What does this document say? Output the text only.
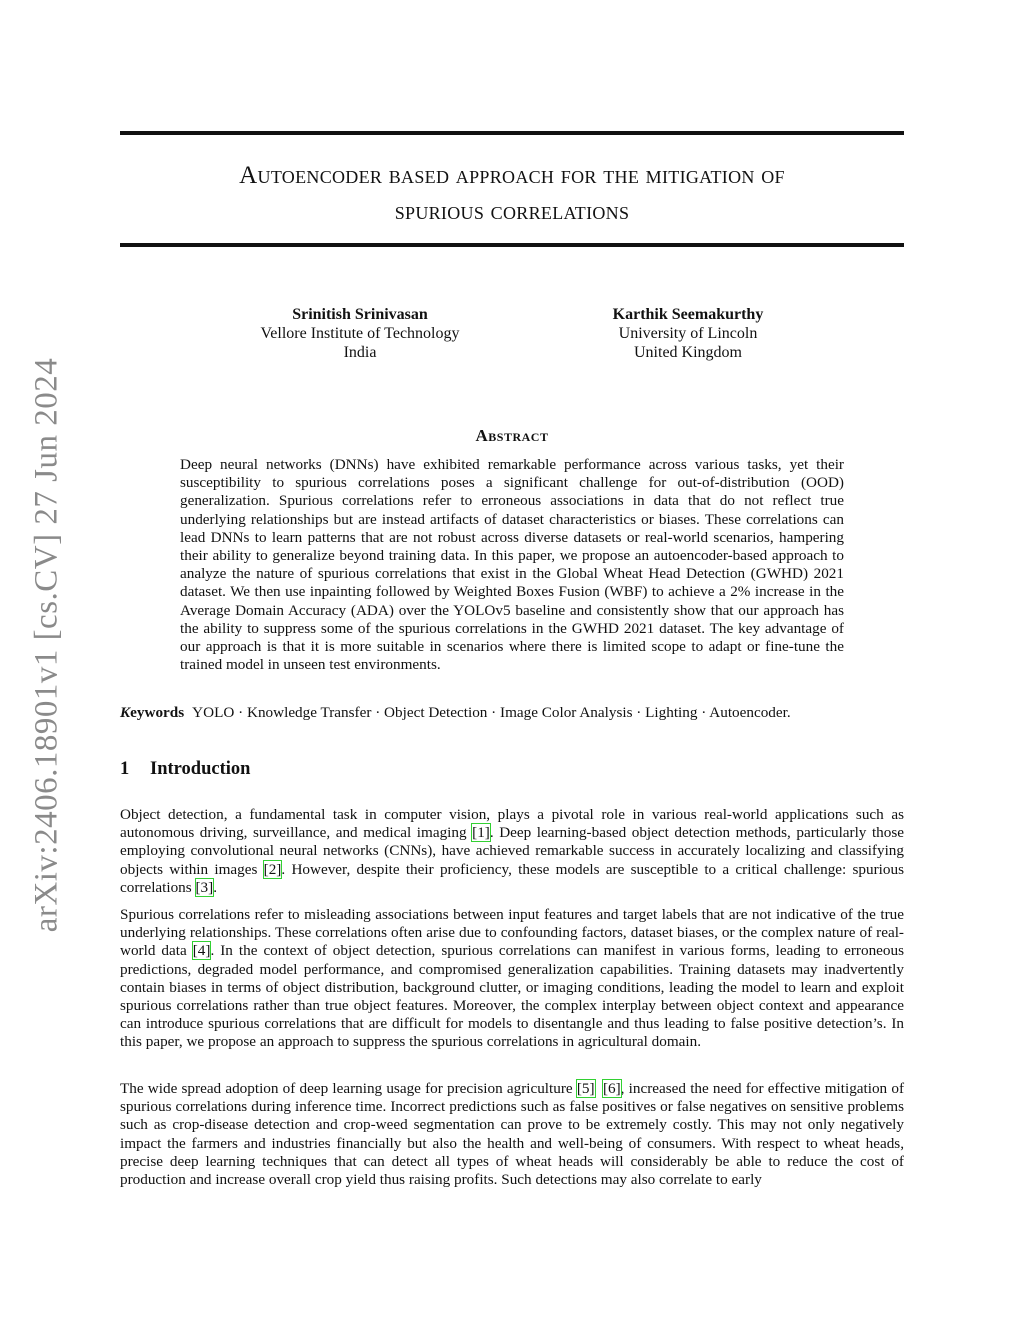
arXiv:2406.18901v1 [cs.CV] 27 Jun 2024
Autoencoder based approach for the mitigation of
spurious correlations
Srinitish Srinivasan
Vellore Institute of Technology
India
Karthik Seemakurthy
University of Lincoln
United Kingdom
Abstract

Deep neural networks (DNNs) have exhibited remarkable performance across various tasks, yet their susceptibility to spurious correlations poses a significant challenge for out-of-distribution (OOD) generalization. Spurious correlations refer to erroneous associations in data that do not reflect true underlying relationships but are instead artifacts of dataset characteristics or biases. These correlations can lead DNNs to learn patterns that are not robust across diverse datasets or real-world scenarios, hampering their ability to generalize beyond training data. In this paper, we propose an autoencoder-based approach to analyze the nature of spurious correlations that exist in the Global Wheat Head Detection (GWHD) 2021 dataset. We then use inpainting followed by Weighted Boxes Fusion (WBF) to achieve a 2% increase in the Average Domain Accuracy (ADA) over the YOLOv5 baseline and consistently show that our approach has the ability to suppress some of the spurious correlations in the GWHD 2021 dataset. The key advantage of our approach is that it is more suitable in scenarios where there is limited scope to adapt or fine-tune the trained model in unseen test environments.

Keywords YOLO · Knowledge Transfer · Object Detection · Image Color Analysis · Lighting · Autoencoder.
1 Introduction

Object detection, a fundamental task in computer vision, plays a pivotal role in various real-world applications such as autonomous driving, surveillance, and medical imaging [1]. Deep learning-based object detection methods, particularly those employing convolutional neural networks (CNNs), have achieved remarkable success in accurately localizing and classifying objects within images [2]. However, despite their proficiency, these models are susceptible to a critical challenge: spurious correlations [3].

Spurious correlations refer to misleading associations between input features and target labels that are not indicative of the true underlying relationships. These correlations often arise due to confounding factors, dataset biases, or the complex nature of real-world data [4]. In the context of object detection, spurious correlations can manifest in various forms, leading to erroneous predictions, degraded model performance, and compromised generalization capabilities. Training datasets may inadvertently contain biases in terms of object distribution, background clutter, or imaging conditions, leading the model to learn and exploit spurious correlations rather than true object features. Moreover, the complex interplay between object context and appearance can introduce spurious correlations that are difficult for models to disentangle and thus leading to false positive detection’s. In this paper, we propose an approach to suppress the spurious correlations in agricultural domain.

The wide spread adoption of deep learning usage for precision agriculture [5] [6], increased the need for effective mitigation of spurious correlations during inference time. Incorrect predictions such as false positives or false negatives on sensitive problems such as crop-disease detection and crop-weed segmentation can prove to be extremely costly. This may not only negatively impact the farmers and industries financially but also the health and well-being of consumers. With respect to wheat heads, precise deep learning techniques that can detect all types of wheat heads will considerably be able to reduce the cost of production and increase overall crop yield thus raising profits. Such detections may also correlate to early
